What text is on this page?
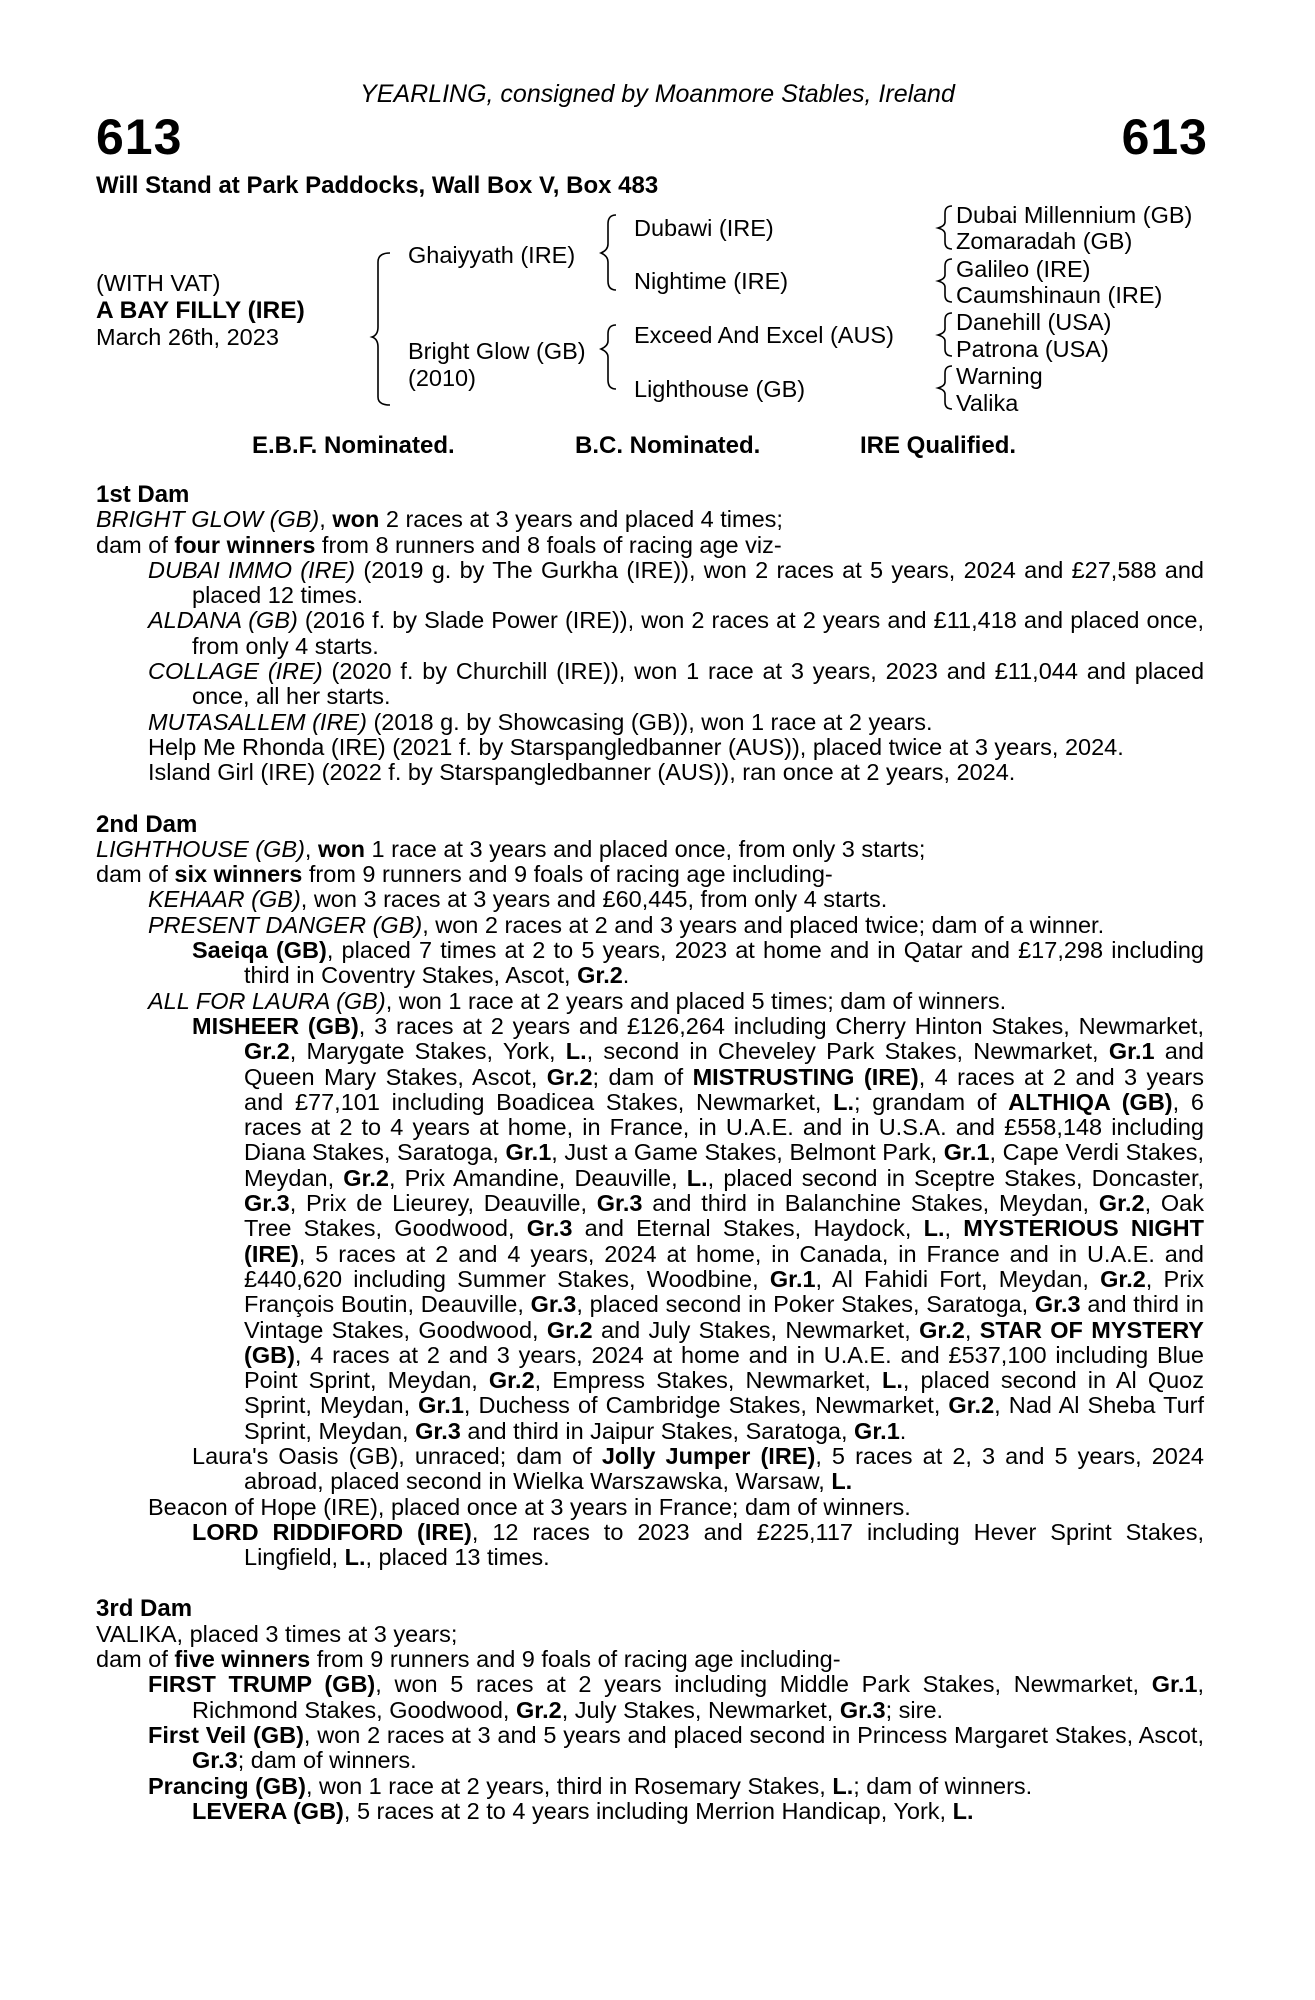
YEARLING, consigned by Moanmore Stables, Ireland
613	613
Will Stand at Park Paddocks, Wall Box V, Box 483
(WITH VAT)
A BAY FILLY (IRE)
March 26th, 2023
Ghaiyyath (IRE)
Bright Glow (GB)
(2010)
Dubawi (IRE)
Nightime (IRE)
Exceed And Excel (AUS)
Lighthouse (GB)
Dubai Millennium (GB)
Zomaradah (GB)
Galileo (IRE)
Caumshinaun (IRE)
Danehill (USA)
Patrona (USA)
Warning
Valika
E.B.F. Nominated.	B.C. Nominated.	IRE Qualified.

1st Dam

BRIGHT GLOW (GB), won 2 races at 3 years and placed 4 times;

dam of four winners from 8 runners and 8 foals of racing age viz-

DUBAI IMMO (IRE) (2019 g. by The Gurkha (IRE)), won 2 races at 5 years, 2024 and £27,588 and placed 12 times.

ALDANA (GB) (2016 f. by Slade Power (IRE)), won 2 races at 2 years and £11,418 and placed once, from only 4 starts.

COLLAGE (IRE) (2020 f. by Churchill (IRE)), won 1 race at 3 years, 2023 and £11,044 and placed once, all her starts.

MUTASALLEM (IRE) (2018 g. by Showcasing (GB)), won 1 race at 2 years.

Help Me Rhonda (IRE) (2021 f. by Starspangledbanner (AUS)), placed twice at 3 years, 2024.

Island Girl (IRE) (2022 f. by Starspangledbanner (AUS)), ran once at 2 years, 2024.

2nd Dam

LIGHTHOUSE (GB), won 1 race at 3 years and placed once, from only 3 starts;

dam of six winners from 9 runners and 9 foals of racing age including-

KEHAAR (GB), won 3 races at 3 years and £60,445, from only 4 starts.

PRESENT DANGER (GB), won 2 races at 2 and 3 years and placed twice; dam of a winner.

Saeiqa (GB), placed 7 times at 2 to 5 years, 2023 at home and in Qatar and £17,298 including third in Coventry Stakes, Ascot, Gr.2.

ALL FOR LAURA (GB), won 1 race at 2 years and placed 5 times; dam of winners.

MISHEER (GB), 3 races at 2 years and £126,264 including Cherry Hinton Stakes, Newmarket, Gr.2, Marygate Stakes, York, L., second in Cheveley Park Stakes, Newmarket, Gr.1 and Queen Mary Stakes, Ascot, Gr.2; dam of MISTRUSTING (IRE), 4 races at 2 and 3 years and £77,101 including Boadicea Stakes, Newmarket, L.; grandam of ALTHIQA (GB), 6 races at 2 to 4 years at home, in France, in U.A.E. and in U.S.A. and £558,148 including Diana Stakes, Saratoga, Gr.1, Just a Game Stakes, Belmont Park, Gr.1, Cape Verdi Stakes, Meydan, Gr.2, Prix Amandine, Deauville, L., placed second in Sceptre Stakes, Doncaster, Gr.3, Prix de Lieurey, Deauville, Gr.3 and third in Balanchine Stakes, Meydan, Gr.2, Oak Tree Stakes, Goodwood, Gr.3 and Eternal Stakes, Haydock, L., MYSTERIOUS NIGHT (IRE), 5 races at 2 and 4 years, 2024 at home, in Canada, in France and in U.A.E. and £440,620 including Summer Stakes, Woodbine, Gr.1, Al Fahidi Fort, Meydan, Gr.2, Prix François Boutin, Deauville, Gr.3, placed second in Poker Stakes, Saratoga, Gr.3 and third in Vintage Stakes, Goodwood, Gr.2 and July Stakes, Newmarket, Gr.2, STAR OF MYSTERY (GB), 4 races at 2 and 3 years, 2024 at home and in U.A.E. and £537,100 including Blue Point Sprint, Meydan, Gr.2, Empress Stakes, Newmarket, L., placed second in Al Quoz Sprint, Meydan, Gr.1, Duchess of Cambridge Stakes, Newmarket, Gr.2, Nad Al Sheba Turf Sprint, Meydan, Gr.3 and third in Jaipur Stakes, Saratoga, Gr.1.

Laura's Oasis (GB), unraced; dam of Jolly Jumper (IRE), 5 races at 2, 3 and 5 years, 2024 abroad, placed second in Wielka Warszawska, Warsaw, L.

Beacon of Hope (IRE), placed once at 3 years in France; dam of winners.

LORD RIDDIFORD (IRE), 12 races to 2023 and £225,117 including Hever Sprint Stakes, Lingfield, L., placed 13 times.

3rd Dam

VALIKA, placed 3 times at 3 years;

dam of five winners from 9 runners and 9 foals of racing age including-

FIRST TRUMP (GB), won 5 races at 2 years including Middle Park Stakes, Newmarket, Gr.1, Richmond Stakes, Goodwood, Gr.2, July Stakes, Newmarket, Gr.3; sire.

First Veil (GB), won 2 races at 3 and 5 years and placed second in Princess Margaret Stakes, Ascot, Gr.3; dam of winners.

Prancing (GB), won 1 race at 2 years, third in Rosemary Stakes, L.; dam of winners.

LEVERA (GB), 5 races at 2 to 4 years including Merrion Handicap, York, L.
